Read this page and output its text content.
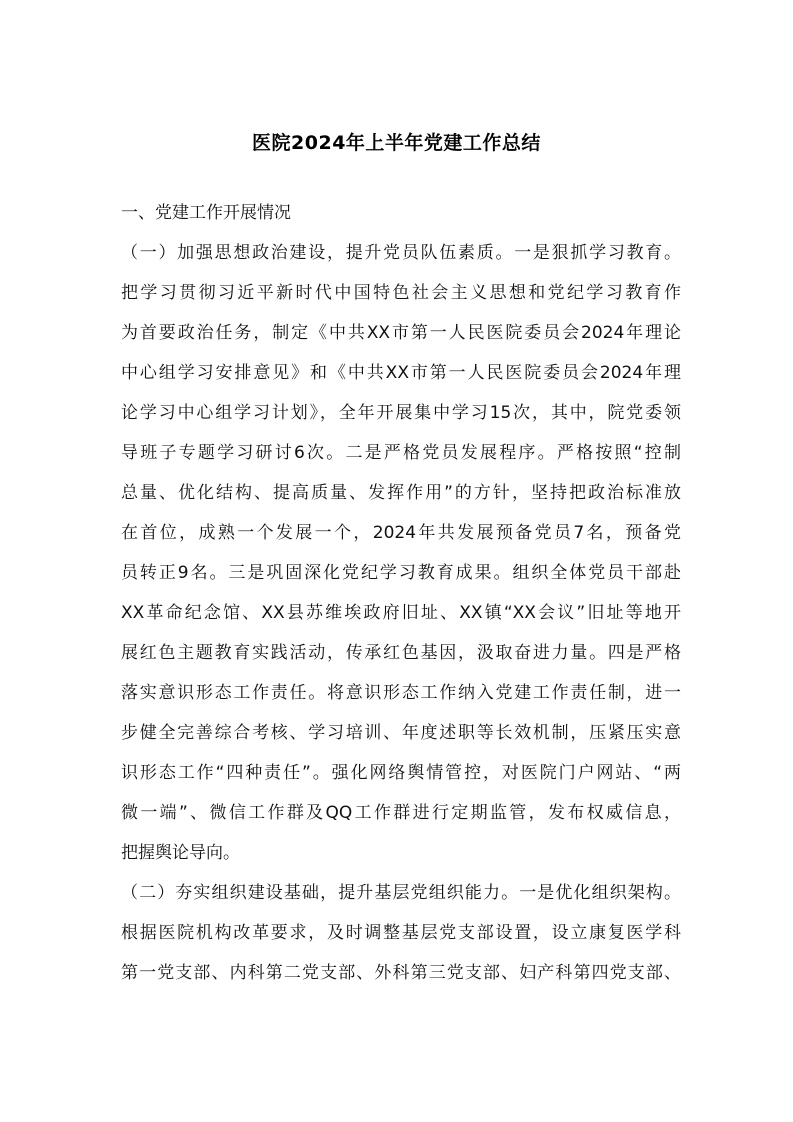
医院2024年上半年党建工作总结
一、党建工作开展情况
（一）加强思想政治建设，提升党员队伍素质。一是狠抓学习教育。
把学习贯彻习近平新时代中国特色社会主义思想和党纪学习教育作
为首要政治任务，制定《中共XX市第一人民医院委员会2024年理论
中心组学习安排意见》和《中共XX市第一人民医院委员会2024年理
论学习中心组学习计划》，全年开展集中学习15次，其中，院党委领
导班子专题学习研讨6次。二是严格党员发展程序。严格按照“控制
总量、优化结构、提高质量、发挥作用”的方针，坚持把政治标准放
在首位，成熟一个发展一个，2024年共发展预备党员7名，预备党
员转正9名。三是巩固深化党纪学习教育成果。组织全体党员干部赴
XX革命纪念馆、XX县苏维埃政府旧址、XX镇“XX会议”旧址等地开
展红色主题教育实践活动，传承红色基因，汲取奋进力量。四是严格
落实意识形态工作责任。将意识形态工作纳入党建工作责任制，进一
步健全完善综合考核、学习培训、年度述职等长效机制，压紧压实意
识形态工作“四种责任”。强化网络舆情管控，对医院门户网站、“两
微一端”、微信工作群及QQ工作群进行定期监管，发布权威信息，
把握舆论导向。
（二）夯实组织建设基础，提升基层党组织能力。一是优化组织架构。
根据医院机构改革要求，及时调整基层党支部设置，设立康复医学科
第一党支部、内科第二党支部、外科第三党支部、妇产科第四党支部、
